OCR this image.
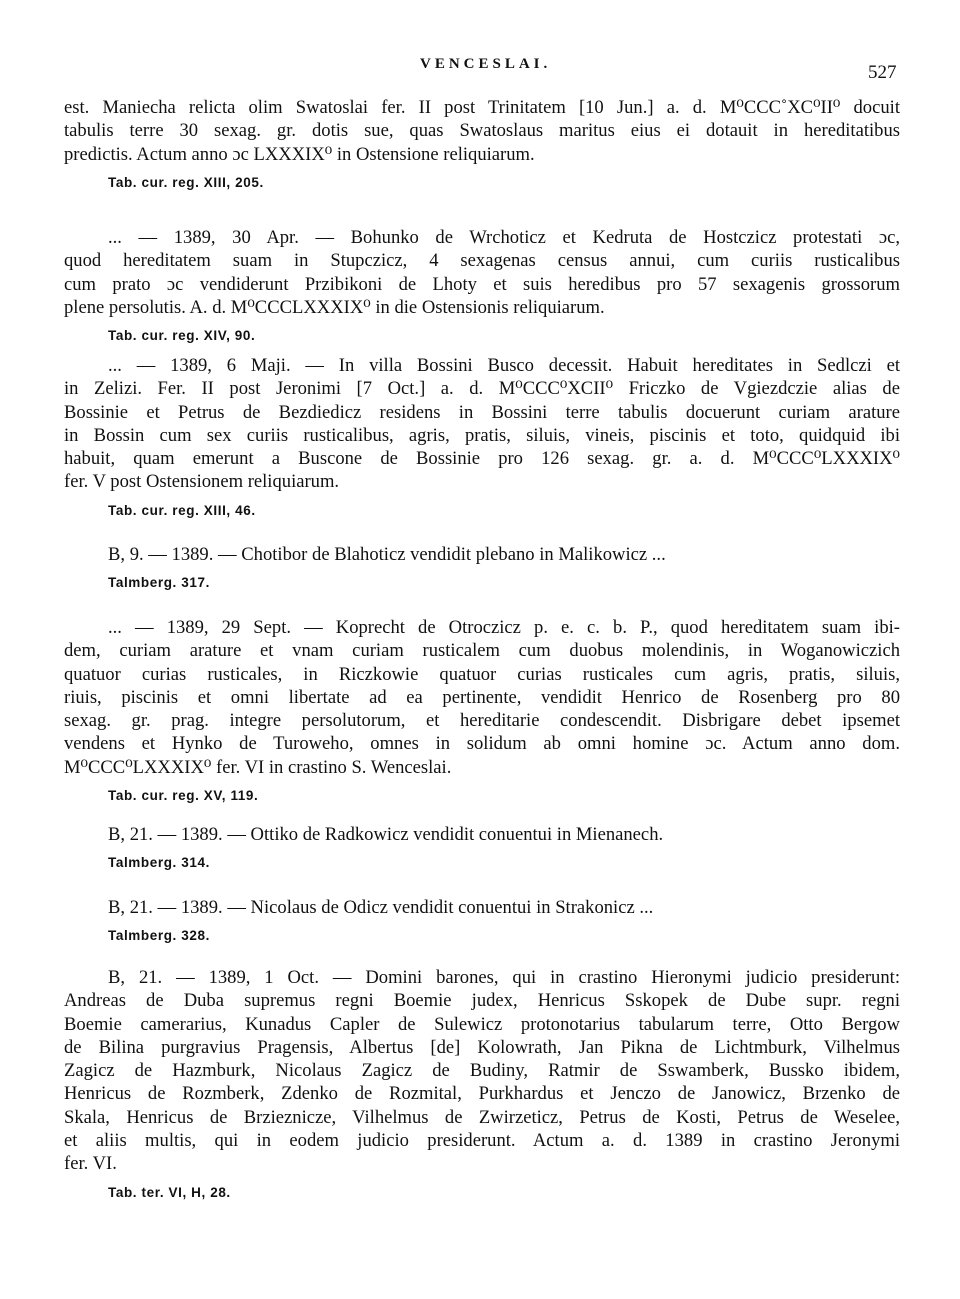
VENCESLAI.	527

est. Maniecha relicta olim Swatoslai fer. II post Trinitatem [10 Jun.] a. d. M⁰CCC˚XC⁰II⁰ docuit
tabulis terre 30 sexag. gr. dotis sue, quas Swatoslaus maritus eius ei dotauit in hereditatibus
predictis. Actum anno ɔc LXXXIX⁰ in Ostensione reliquiarum.

Tab. cur. reg. XIII, 205.

... — 1389, 30 Apr. — Bohunko de Wrchoticz et Kedruta de Hostczicz protestati ɔc,
quod hereditatem suam in Stupczicz, 4 sexagenas census annui, cum curiis rusticalibus
cum prato ɔc vendiderunt Przibikoni de Lhoty et suis heredibus pro 57 sexagenis grossorum
plene persolutis. A. d. M⁰CCCLXXXIX⁰ in die Ostensionis reliquiarum.

Tab. cur. reg. XIV, 90.

... — 1389, 6 Maji. — In villa Bossini Busco decessit. Habuit hereditates in Sedlczi et
in Zelizi. Fer. II post Jeronimi [7 Oct.] a. d. M⁰CCC⁰XCII⁰ Friczko de Vgiezdczie alias de
Bossinie et Petrus de Bezdiedicz residens in Bossini terre tabulis docuerunt curiam arature
in Bossin cum sex curiis rusticalibus, agris, pratis, siluis, vineis, piscinis et toto, quidquid ibi
habuit, quam emerunt a Buscone de Bossinie pro 126 sexag. gr. a. d. M⁰CCC⁰LXXXIX⁰
fer. V post Ostensionem reliquiarum.

Tab. cur. reg. XIII, 46.

B, 9. — 1389. — Chotibor de Blahoticz vendidit plebano in Malikowicz ...

Talmberg. 317.

... — 1389, 29 Sept. — Koprecht de Otroczicz p. e. c. b. P., quod hereditatem suam ibi-
dem, curiam arature et vnam curiam rusticalem cum duobus molendinis, in Woganowiczich
quatuor curias rusticales, in Riczkowie quatuor curias rusticales cum agris, pratis, siluis,
riuis, piscinis et omni libertate ad ea pertinente, vendidit Henrico de Rosenberg pro 80
sexag. gr. prag. integre persolutorum, et hereditarie condescendit. Disbrigare debet ipsemet
vendens et Hynko de Turoweho, omnes in solidum ab omni homine ɔc. Actum anno dom.
M⁰CCC⁰LXXXIX⁰ fer. VI in crastino S. Wenceslai.

Tab. cur. reg. XV, 119.

B, 21. — 1389. — Ottiko de Radkowicz vendidit conuentui in Mienanech.

Talmberg. 314.

B, 21. — 1389. — Nicolaus de Odicz vendidit conuentui in Strakonicz ...

Talmberg. 328.

B, 21. — 1389, 1 Oct. — Domini barones, qui in crastino Hieronymi judicio presiderunt:
Andreas de Duba supremus regni Boemie judex, Henricus Sskopek de Dube supr. regni
Boemie camerarius, Kunadus Capler de Sulewicz protonotarius tabularum terre, Otto Bergow
de Bilina purgravius Pragensis, Albertus [de] Kolowrath, Jan Pikna de Lichtmburk, Vilhelmus
Zagicz de Hazmburk, Nicolaus Zagicz de Budiny, Ratmir de Sswamberk, Bussko ibidem,
Henricus de Rozmberk, Zdenko de Rozmital, Purkhardus et Jenczo de Janowicz, Brzenko de
Skala, Henricus de Brzieznicze, Vilhelmus de Zwirzeticz, Petrus de Kosti, Petrus de Weselee,
et aliis multis, qui in eodem judicio presiderunt. Actum a. d. 1389 in crastino Jeronymi
fer. VI.

Tab. ter. VI, H, 28.
